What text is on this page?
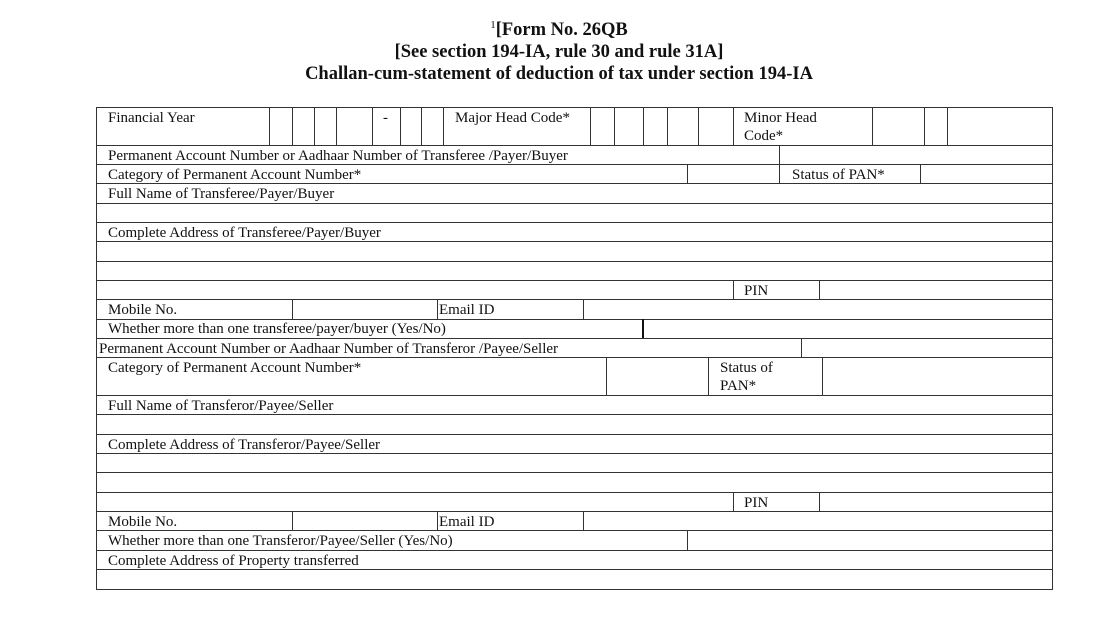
$^1$[Form No. 26QB
[See section 194-IA, rule 30 and rule 31A]
Challan-cum-statement of deduction of tax under section 194-IA
Financial Year	-	Major Head Code*	Minor Head Code*
Permanent Account Number or Aadhaar Number of Transferee /Payer/Buyer
Category of Permanent Account Number*	Status of PAN*
Full Name of Transferee/Payer/Buyer
Complete Address of Transferee/Payer/Buyer
PIN
Mobile No.	Email ID
Whether more than one transferee/payer/buyer (Yes/No)
Permanent Account Number or Aadhaar Number of Transferor /Payee/Seller
Category of Permanent Account Number*	Status of PAN*
Full Name of Transferor/Payee/Seller
Complete Address of Transferor/Payee/Seller
PIN
Mobile No.	Email ID
Whether more than one Transferor/Payee/Seller (Yes/No)
Complete Address of Property transferred
